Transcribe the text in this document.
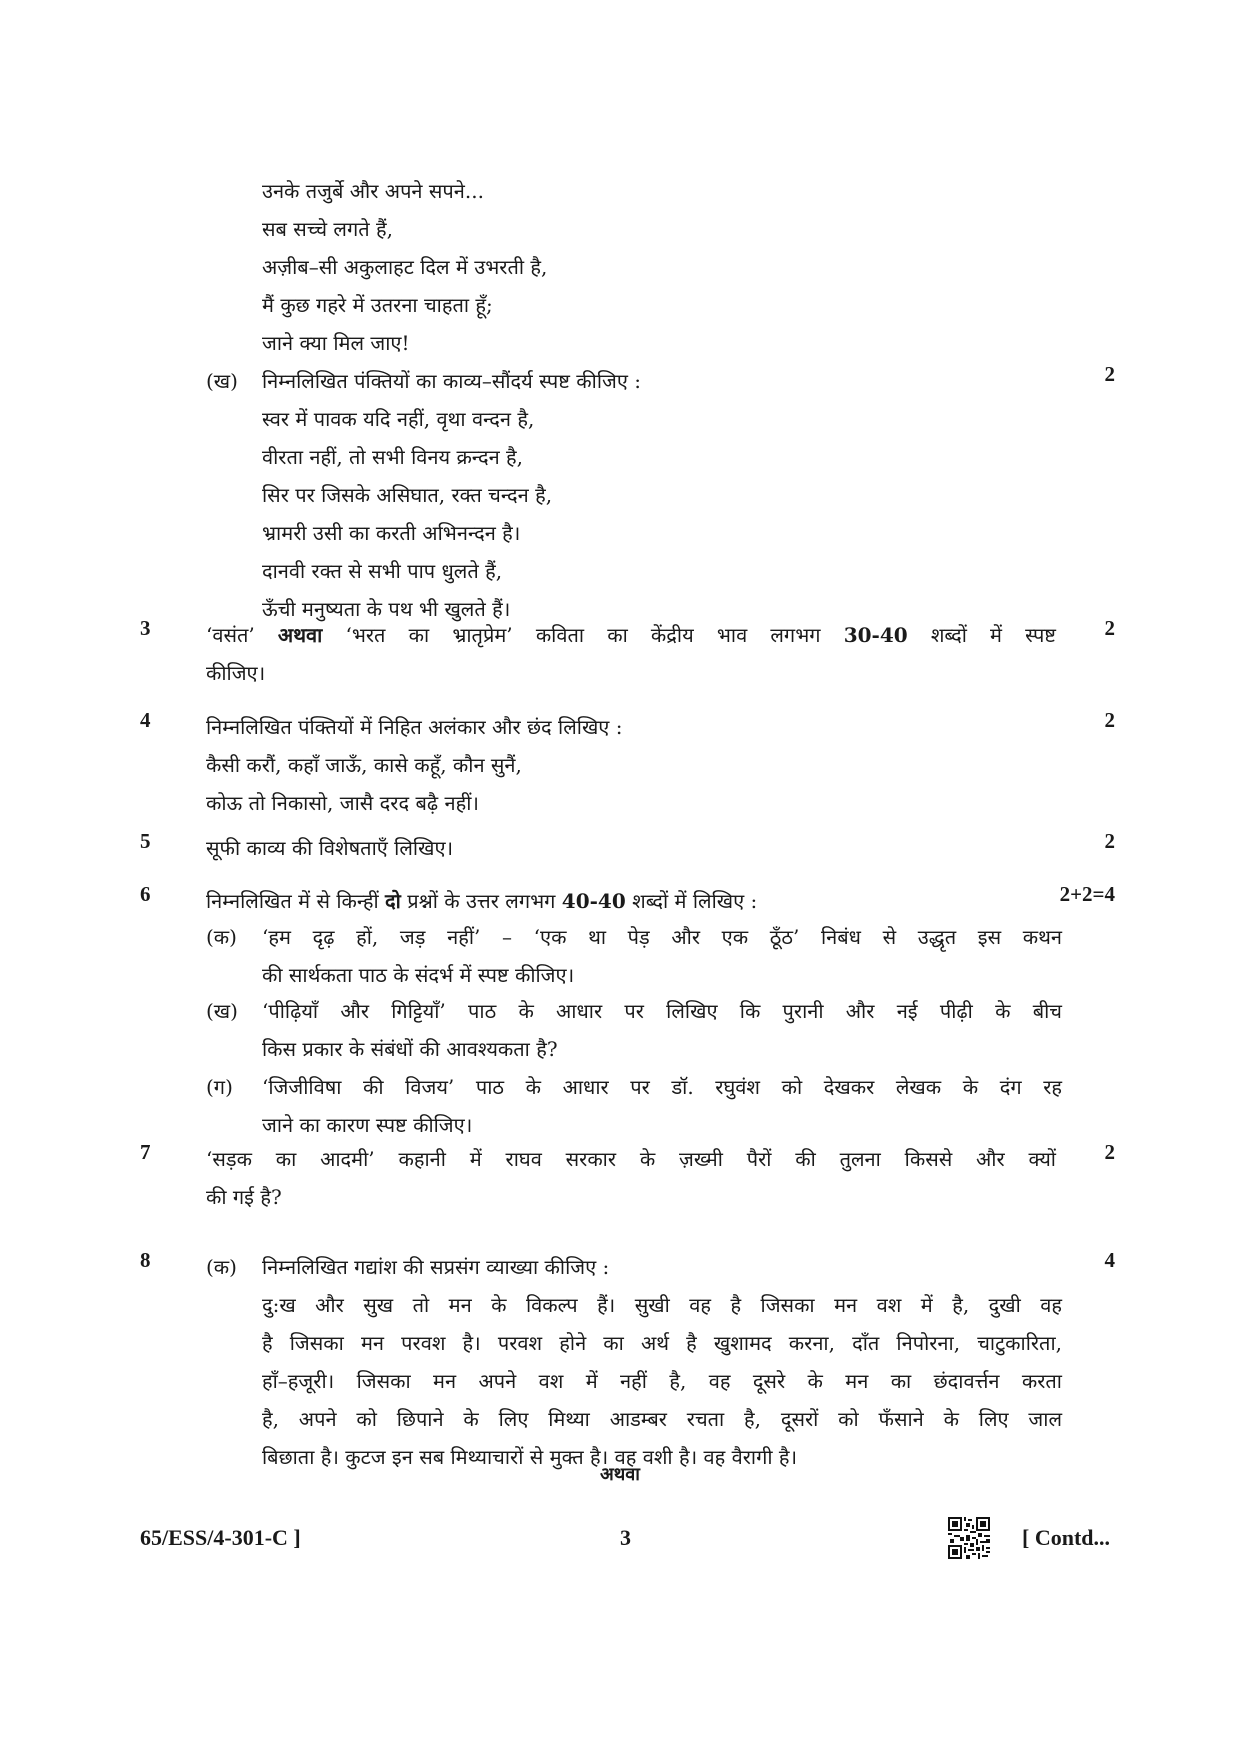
उनके तजुर्बे और अपने सपने...
सब सच्चे लगते हैं,
अज़ीब–सी अकुलाहट दिल में उभरती है,
मैं कुछ गहरे में उतरना चाहता हूँ;
जाने क्या मिल जाए!
(ख)	निम्नलिखित पंक्तियों का काव्य–सौंदर्य स्पष्ट कीजिए :
स्वर में पावक यदि नहीं, वृथा वन्दन है,
वीरता नहीं, तो सभी विनय क्रन्दन है,
सिर पर जिसके असिघात, रक्त चन्दन है,
भ्रामरी उसी का करती अभिनन्दन है।
दानवी रक्त से सभी पाप धुलते हैं,
ऊँची मनुष्यता के पथ भी खुलते हैं।
2
3	‘वसंत’ अथवा ‘भरत का भ्रातृप्रेम’ कविता का केंद्रीय भाव लगभग 30-40 शब्दों में स्पष्ट
कीजिए।
2
4	निम्नलिखित पंक्तियों में निहित अलंकार और छंद लिखिए :
कैसी करौं, कहाँ जाऊँ, कासे कहूँ, कौन सुनैं,
कोऊ तो निकासो, जासै दरद बढ़ै नहीं।
2
5	सूफी काव्य की विशेषताएँ लिखिए।	2
6	निम्नलिखित में से किन्हीं दो प्रश्नों के उत्तर लगभग 40-40 शब्दों में लिखिए :	2+2=4
(क)	‘हम दृढ़ हों, जड़ नहीं’ – ‘एक था पेड़ और एक ठूँठ’ निबंध से उद्धृत इस कथन
की सार्थकता पाठ के संदर्भ में स्पष्ट कीजिए।
(ख)	‘पीढ़ियाँ और गिट्टियाँ’ पाठ के आधार पर लिखिए कि पुरानी और नई पीढ़ी के बीच
किस प्रकार के संबंधों की आवश्यकता है?
(ग)	‘जिजीविषा की विजय’ पाठ के आधार पर डॉ. रघुवंश को देखकर लेखक के दंग रह
जाने का कारण स्पष्ट कीजिए।
7	‘सड़क का आदमी’ कहानी में राघव सरकार के ज़ख्मी पैरों की तुलना किससे और क्यों
की गई है?
2
8	(क)	निम्नलिखित गद्यांश की सप्रसंग व्याख्या कीजिए :
दु:ख और सुख तो मन के विकल्प हैं। सुखी वह है जिसका मन वश में है, दुखी वह
है जिसका मन परवश है। परवश होने का अर्थ है खुशामद करना, दाँत निपोरना, चाटुकारिता,
हाँ–हजूरी। जिसका मन अपने वश में नहीं है, वह दूसरे के मन का छंदावर्त्तन करता
है, अपने को छिपाने के लिए मिथ्या आडम्बर रचता है, दूसरों को फँसाने के लिए जाल
बिछाता है। कुटज इन सब मिथ्याचारों से मुक्त है। वह वशी है। वह वैरागी है।
4
अथवा
65/ESS/4-301-C ]	3	[ Contd...
